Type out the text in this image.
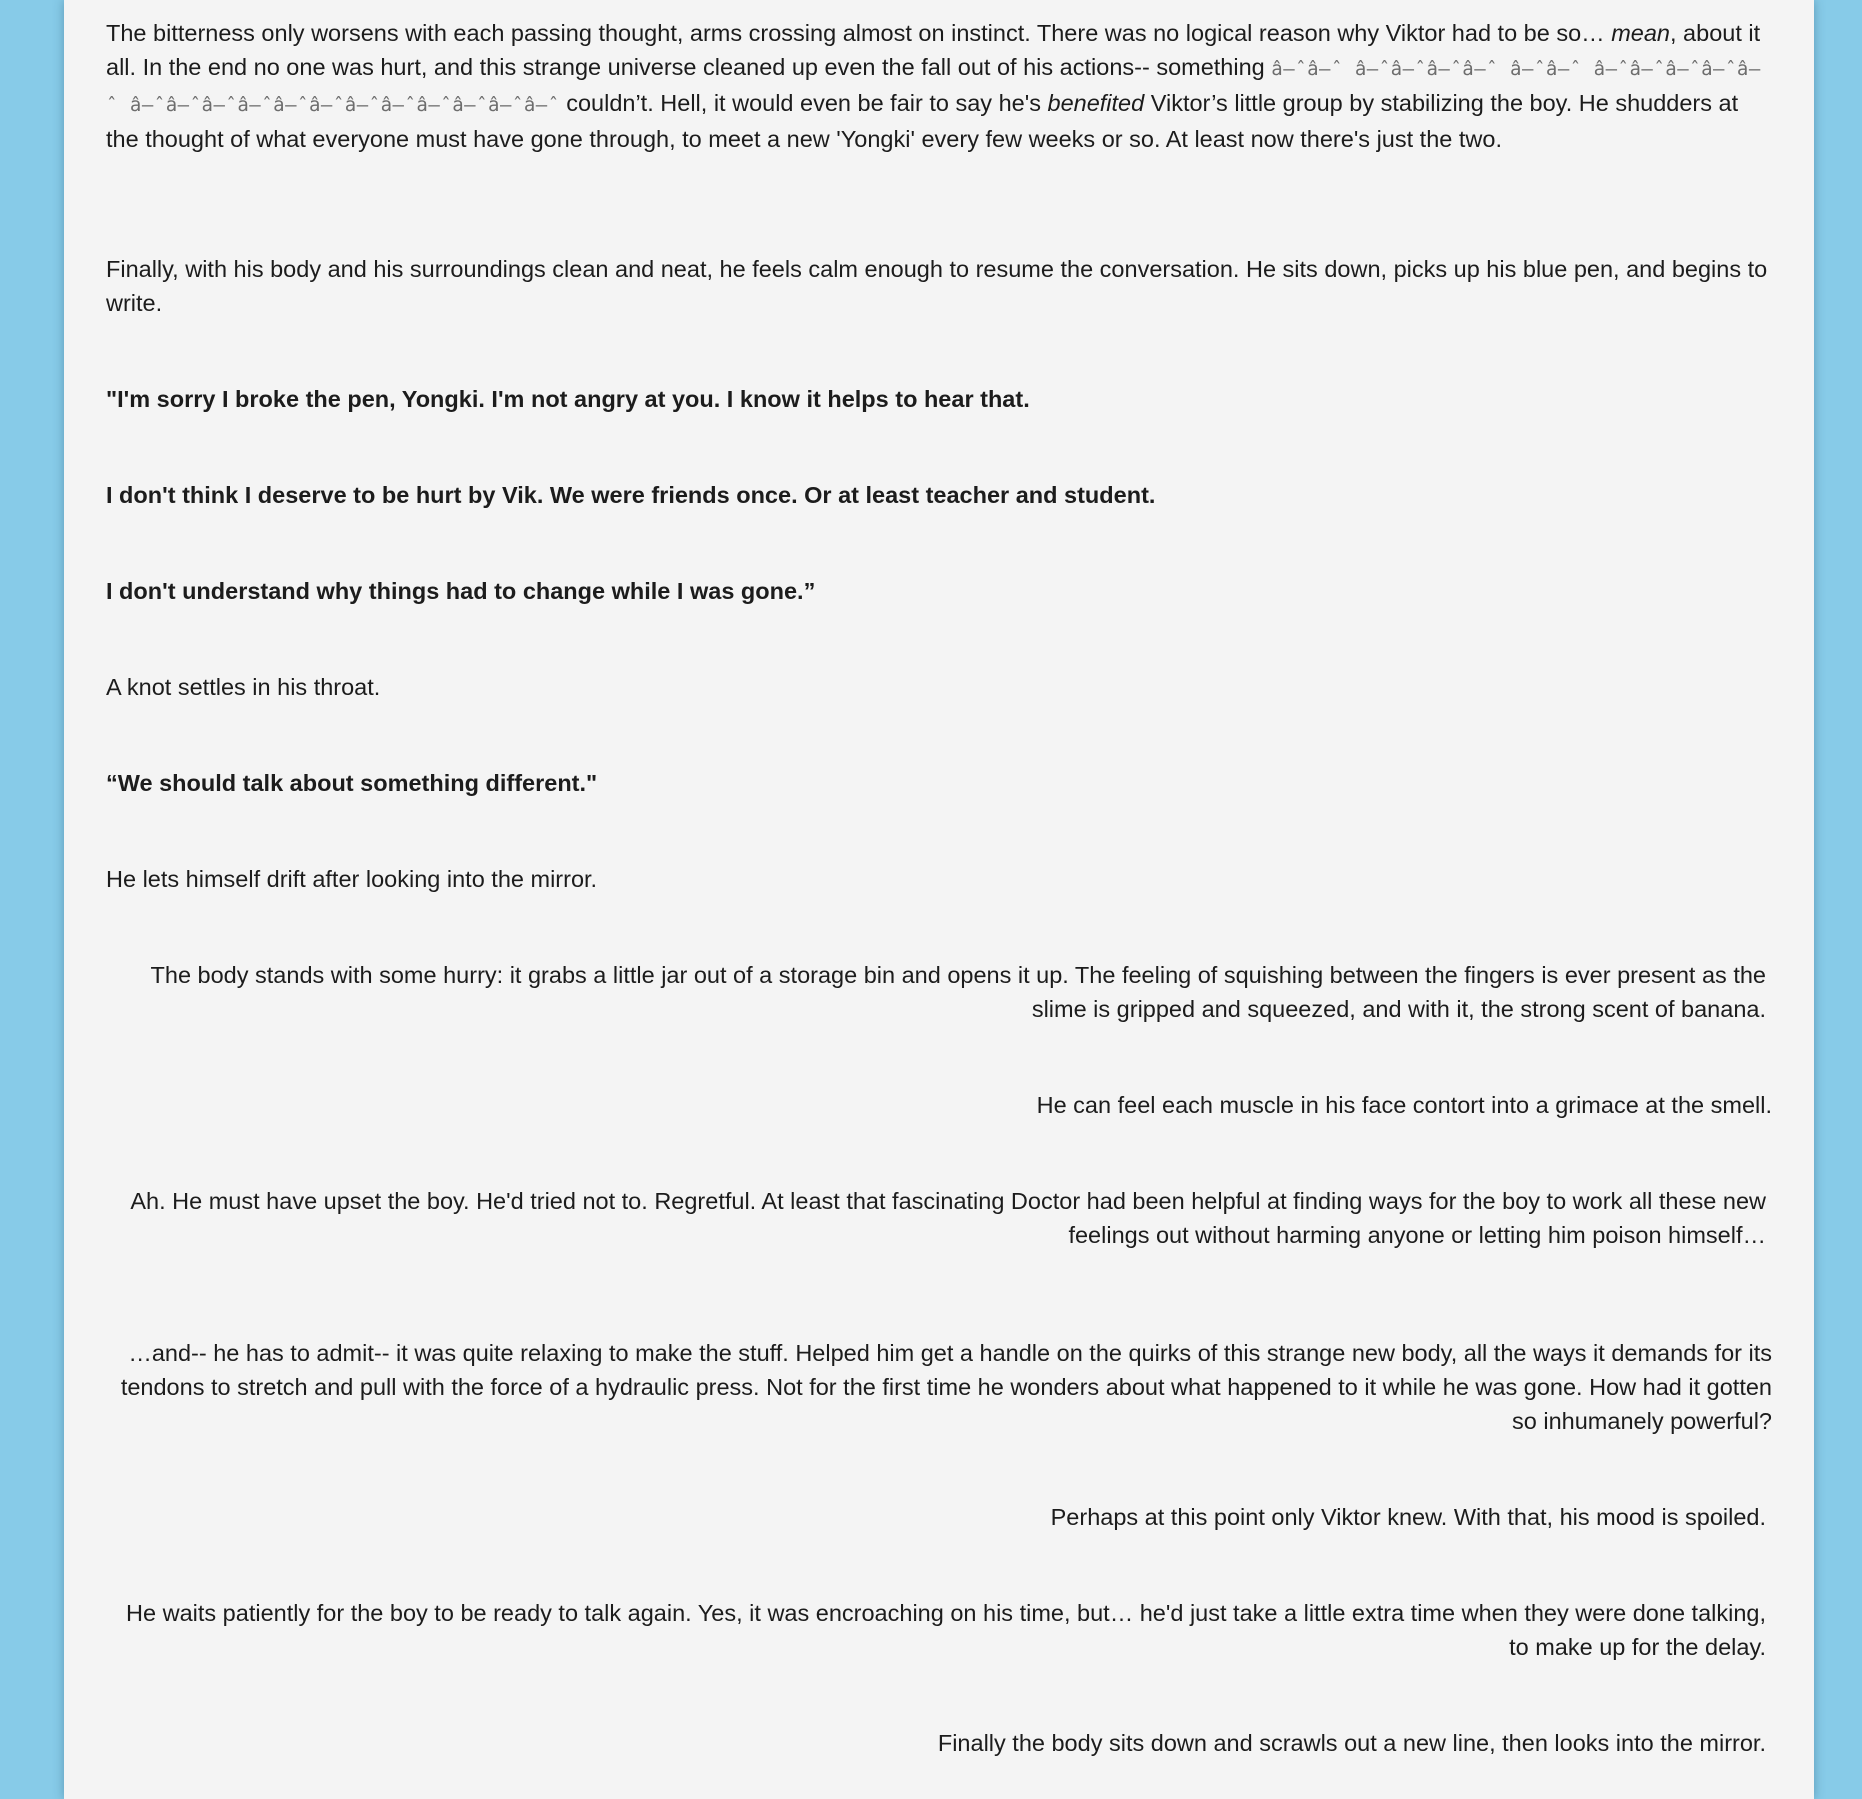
The bitterness only worsens with each passing thought, arms crossing almost on instinct. There was no logical reason why Viktor had to be so… mean, about it all. In the end no one was hurt, and this strange universe cleaned up even the fall out of his actions-- something â–ˆâ–ˆ â–ˆâ–ˆâ–ˆâ–ˆ â–ˆâ–ˆ â–ˆâ–ˆâ–ˆâ–ˆâ–ˆ â–ˆâ–ˆâ–ˆâ–ˆâ–ˆâ–ˆâ–ˆâ–ˆâ–ˆâ–ˆâ–ˆâ–ˆ couldn’t. Hell, it would even be fair to say he's benefited Viktor’s little group by stabilizing the boy. He shudders at the thought of what everyone must have gone through, to meet a new 'Yongki' every few weeks or so. At least now there's just the two.

Finally, with his body and his surroundings clean and neat, he feels calm enough to resume the conversation. He sits down, picks up his blue pen, and begins to write.

"I'm sorry I broke the pen, Yongki. I'm not angry at you. I know it helps to hear that.

I don't think I deserve to be hurt by Vik. We were friends once. Or at least teacher and student.

I don't understand why things had to change while I was gone.”

A knot settles in his throat.

“We should talk about something different."

He lets himself drift after looking into the mirror.

The body stands with some hurry: it grabs a little jar out of a storage bin and opens it up. The feeling of squishing between the fingers is ever present as the slime is gripped and squeezed, and with it, the strong scent of banana.

He can feel each muscle in his face contort into a grimace at the smell.

Ah. He must have upset the boy. He'd tried not to. Regretful. At least that fascinating Doctor had been helpful at finding ways for the boy to work all these new feelings out without harming anyone or letting him poison himself…

…and-- he has to admit-- it was quite relaxing to make the stuff. Helped him get a handle on the quirks of this strange new body, all the ways it demands for its tendons to stretch and pull with the force of a hydraulic press. Not for the first time he wonders about what happened to it while he was gone. How had it gotten so inhumanely powerful?

Perhaps at this point only Viktor knew. With that, his mood is spoiled.

He waits patiently for the boy to be ready to talk again. Yes, it was encroaching on his time, but… he'd just take a little extra time when they were done talking, to make up for the delay.

Finally the body sits down and scrawls out a new line, then looks into the mirror.
